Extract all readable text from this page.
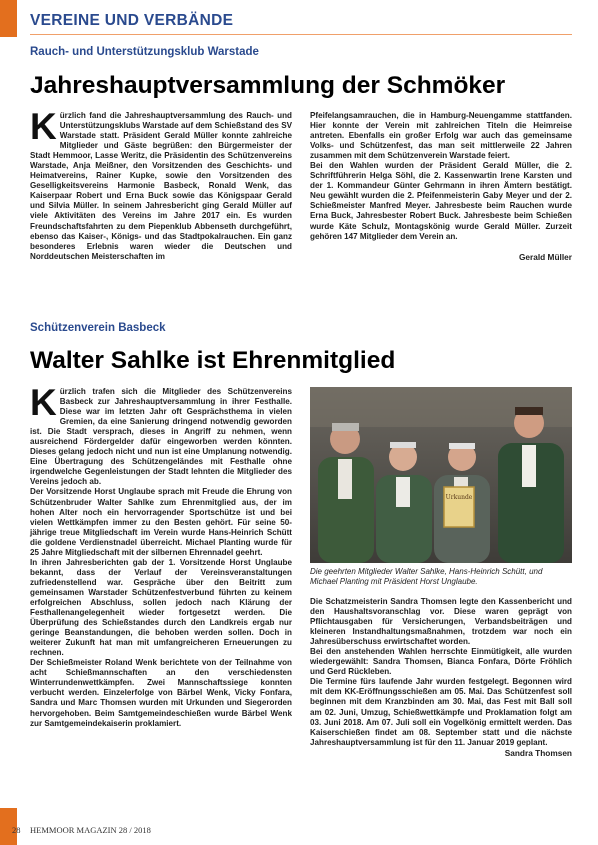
VEREINE UND VERBÄNDE
Rauch- und Unterstützungsklub Warstade
Jahreshauptversammlung der Schmöker
Kürzlich fand die Jahreshauptversammlung des Rauch- und Unterstützungsklubs Warstade auf dem Schießstand des SV Warstade statt. Präsident Gerald Müller konnte zahlreiche Mitglieder und Gäste begrüßen: den Bürgermeister der Stadt Hemmoor, Lasse Weritz, die Präsidentin des Schützenvereins Warstade, Anja Meißner, den Vorsitzenden des Geschichts- und Heimatvereins, Rainer Kupke, sowie den Vorsitzenden des Geselligkeitsvereins Harmonie Basbeck, Ronald Wenk, das Kaiserpaar Robert und Erna Buck sowie das Königspaar Gerald und Silvia Müller. In seinem Jahresbericht ging Gerald Müller auf viele Aktivitäten des Vereins im Jahre 2017 ein. Es wurden Freundschaftsfahrten zu dem Piepenklub Abbenseth durchgeführt, ebenso das Kaiser-, Königs- und das Stadtpokalrauchen. Ein ganz besonderes Erlebnis waren wieder die Deutschen und Norddeutschen Meisterschaften im

Pfeifelangsamrauchen, die in Hamburg-Neuengamme stattfanden. Hier konnte der Verein mit zahlreichen Titeln die Heimreise antreten. Ebenfalls ein großer Erfolg war auch das gemeinsame Volks- und Schützenfest, das man seit mittlerweile 22 Jahren zusammen mit dem Schützenverein Warstade feiert.

Bei den Wahlen wurden der Präsident Gerald Müller, die 2. Schriftführerin Helga Söhl, die 2. Kassenwartin Irene Karsten und der 1. Kommandeur Günter Gehrmann in ihren Ämtern bestätigt. Neu gewählt wurden die 2. Pfeifenmeisterin Gaby Meyer und der 2. Schießmeister Manfred Meyer. Jahresbeste beim Rauchen wurde Erna Buck, Jahresbester Robert Buck. Jahresbeste beim Schießen wurde Käte Schulz, Montagskönig wurde Gerald Müller. Zurzeit gehören 147 Mitglieder dem Verein an.

Gerald Müller

Schützenverein Basbeck
Walter Sahlke ist Ehrenmitglied
Kürzlich trafen sich die Mitglieder des Schützenvereins Basbeck zur Jahreshauptversammlung in ihrer Festhalle. Diese war im letzten Jahr oft Gesprächsthema in vielen Gremien, da eine Sanierung dringend notwendig geworden ist. Die Stadt versprach, dieses in Angriff zu nehmen, wenn ausreichend Fördergelder dafür eingeworben werden könnten. Dieses gelang jedoch nicht und nun ist eine Umplanung notwendig. Eine Übertragung des Schützengeländes mit Festhalle ohne irgendwelche Gegenleistungen der Stadt lehnten die Mitglieder des Vereins jedoch ab.

Der Vorsitzende Horst Unglaube sprach mit Freude die Ehrung von Schützenbruder Walter Sahlke zum Ehrenmitglied aus, der im hohen Alter noch ein hervorragender Sportschütze ist und bei vielen Wettkämpfen immer zu den Besten gehört. Für seine 50-jährige treue Mitgliedschaft im Verein wurde Hans-Heinrich Schütt die goldene Verdienstnadel überreicht. Michael Planting wurde für 25 Jahre Mitgliedschaft mit der silbernen Ehrennadel geehrt.

In ihren Jahresberichten gab der 1. Vorsitzende Horst Unglaube bekannt, dass der Verlauf der Vereinsveranstaltungen zufriedenstellend war. Gespräche über den Beitritt zum gemeinsamen Warstader Schützenfestverbund führten zu keinem erfolgreichen Abschluss, sollen jedoch nach Klärung der Festhallenangelegenheit wieder fortgesetzt werden. Die Überprüfung des Schießstandes durch den Landkreis ergab nur geringe Beanstandungen, die behoben werden sollen. Doch in weiterer Zukunft hat man mit umfangreicheren Erneuerungen zu rechnen.

Der Schießmeister Roland Wenk berichtete von der Teilnahme von acht Schießmannschaften an den verschiedensten Winterrundenwettkämpfen. Zwei Mannschaftssiege konnten verbucht werden. Einzelerfolge von Bärbel Wenk, Vicky Fonfara, Sandra und Marc Thomsen wurden mit Urkunden und Siegerorden hervorgehoben. Beim Samtgemeindeschießen wurde Bärbel Wenk zur Samtgemeindekaiserin proklamiert.

Urkunde
Die geehrten Mitglieder Walter Sahlke, Hans-Heinrich Schütt, und Michael Planting mit Präsident Horst Unglaube.

Die Schatzmeisterin Sandra Thomsen legte den Kassenbericht und den Haushaltsvoranschlag vor. Diese waren geprägt von Pflichtausgaben für Versicherungen, Verbandsbeiträgen und kleineren Instandhaltungsmaßnahmen, trotzdem war noch ein Jahresüberschuss erwirtschaftet worden.

Bei den anstehenden Wahlen herrschte Einmütigkeit, alle wurden wiedergewählt: Sandra Thomsen, Bianca Fonfara, Dörte Fröhlich und Gerd Rückleben.

Die Termine fürs laufende Jahr wurden festgelegt. Begonnen wird mit dem KK-Eröffnungsschießen am 05. Mai. Das Schützenfest soll beginnen mit dem Kranzbinden am 30. Mai, das Fest mit Ball soll am 02. Juni, Umzug, Schießwettkämpfe und Proklamation folgt am 03. Juni 2018. Am 07. Juli soll ein Vogelkönig ermittelt werden. Das Kaiserschießen findet am 08. September statt und die nächste Jahreshauptversammlung ist für den 11. Januar 2019 geplant.

Sandra Thomsen

28 HEMMOOR MAGAZIN 28 / 2018
